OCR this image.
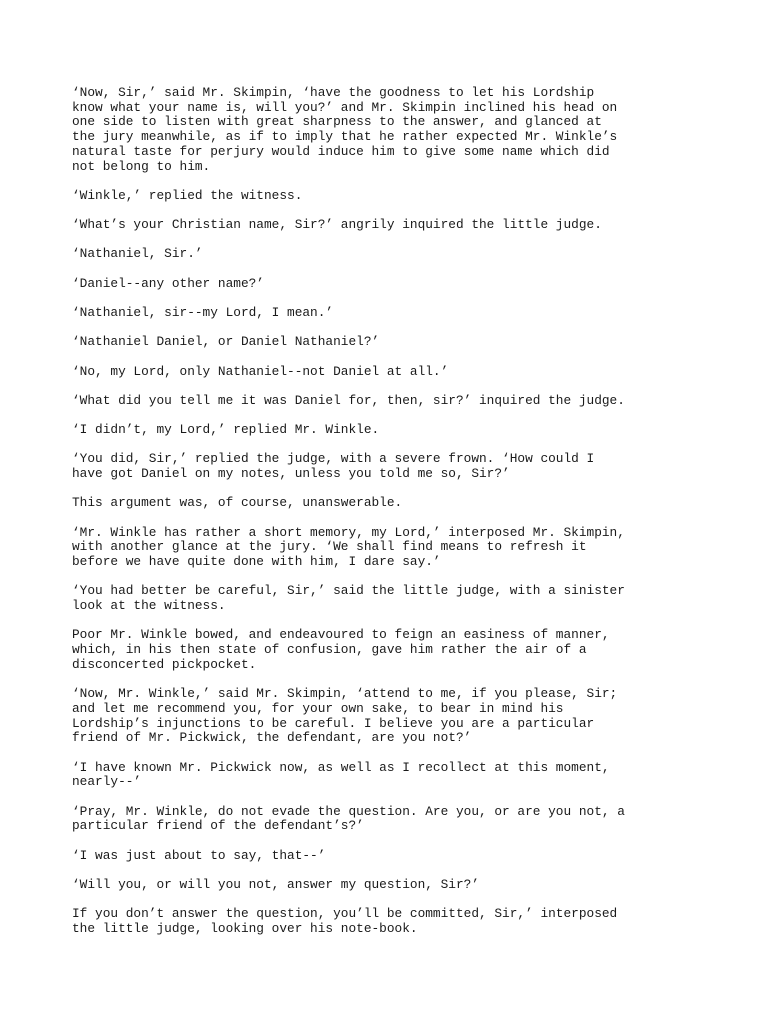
‘Now, Sir,’ said Mr. Skimpin, ‘have the goodness to let his Lordship
know what your name is, will you?’ and Mr. Skimpin inclined his head on
one side to listen with great sharpness to the answer, and glanced at
the jury meanwhile, as if to imply that he rather expected Mr. Winkle’s
natural taste for perjury would induce him to give some name which did
not belong to him.

‘Winkle,’ replied the witness.

‘What’s your Christian name, Sir?’ angrily inquired the little judge.

‘Nathaniel, Sir.’

‘Daniel--any other name?’

‘Nathaniel, sir--my Lord, I mean.’

‘Nathaniel Daniel, or Daniel Nathaniel?’

‘No, my Lord, only Nathaniel--not Daniel at all.’

‘What did you tell me it was Daniel for, then, sir?’ inquired the judge.

‘I didn’t, my Lord,’ replied Mr. Winkle.

‘You did, Sir,’ replied the judge, with a severe frown. ‘How could I
have got Daniel on my notes, unless you told me so, Sir?’

This argument was, of course, unanswerable.

‘Mr. Winkle has rather a short memory, my Lord,’ interposed Mr. Skimpin,
with another glance at the jury. ‘We shall find means to refresh it
before we have quite done with him, I dare say.’

‘You had better be careful, Sir,’ said the little judge, with a sinister
look at the witness.

Poor Mr. Winkle bowed, and endeavoured to feign an easiness of manner,
which, in his then state of confusion, gave him rather the air of a
disconcerted pickpocket.

‘Now, Mr. Winkle,’ said Mr. Skimpin, ‘attend to me, if you please, Sir;
and let me recommend you, for your own sake, to bear in mind his
Lordship’s injunctions to be careful. I believe you are a particular
friend of Mr. Pickwick, the defendant, are you not?’

‘I have known Mr. Pickwick now, as well as I recollect at this moment,
nearly--’

‘Pray, Mr. Winkle, do not evade the question. Are you, or are you not, a
particular friend of the defendant’s?’

‘I was just about to say, that--’

‘Will you, or will you not, answer my question, Sir?’

If you don’t answer the question, you’ll be committed, Sir,’ interposed
the little judge, looking over his note-book.
